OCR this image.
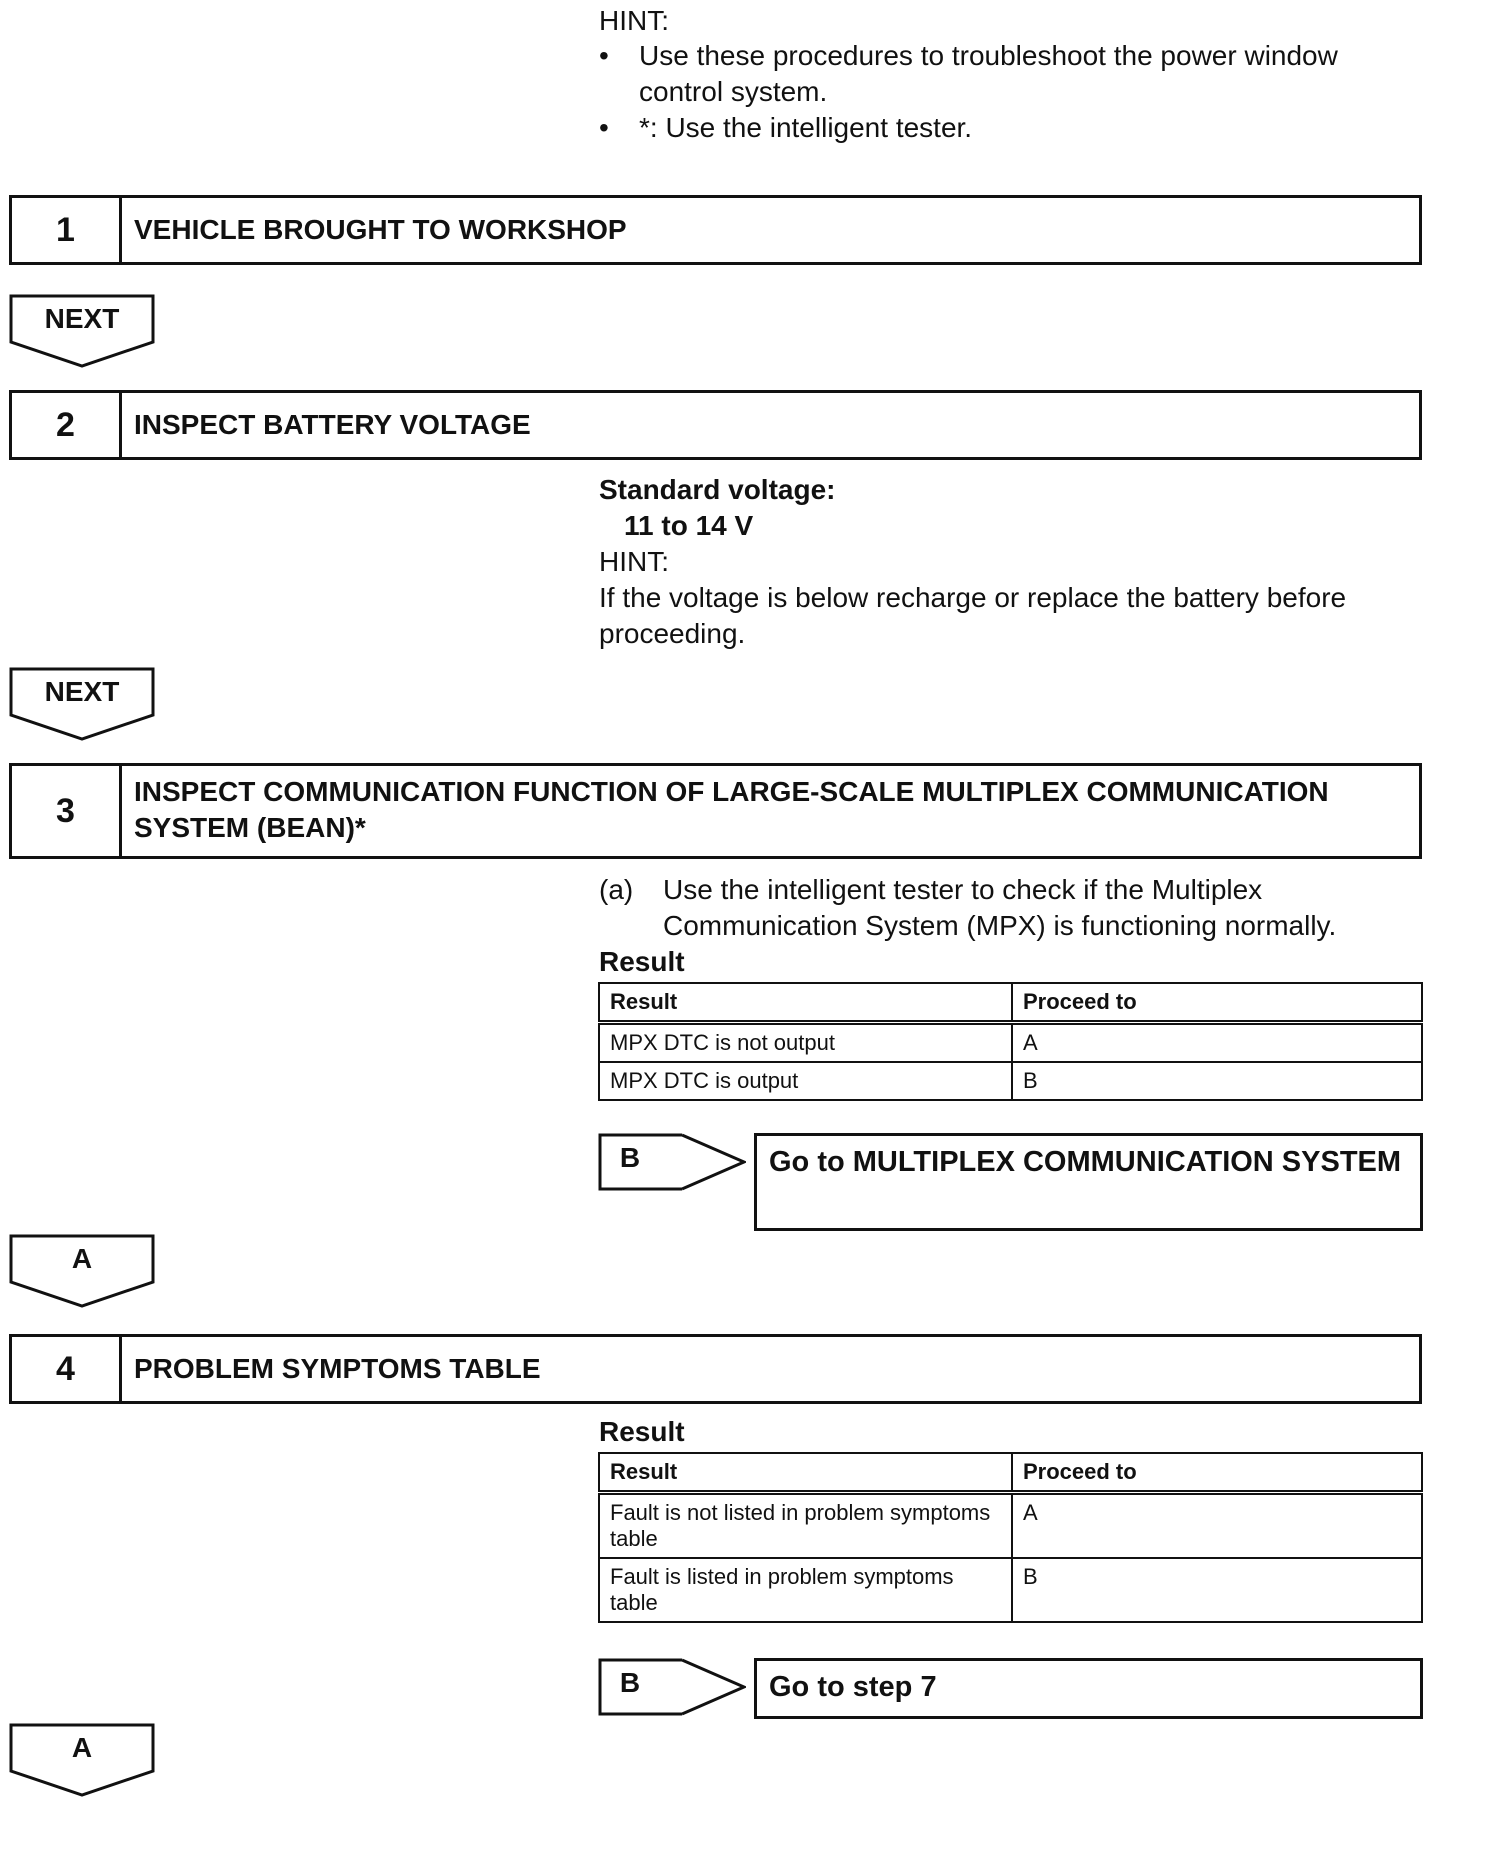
HINT:
• Use these procedures to troubleshoot the power window control system.
• *: Use the intelligent tester.
1	VEHICLE BROUGHT TO WORKSHOP
NEXT
2	INSPECT BATTERY VOLTAGE
Standard voltage:
11 to 14 V
HINT:
If the voltage is below recharge or replace the battery before proceeding.
NEXT
3	INSPECT COMMUNICATION FUNCTION OF LARGE-SCALE MULTIPLEX COMMUNICATION SYSTEM (BEAN)*
(a)	Use the intelligent tester to check if the Multiplex Communication System (MPX) is functioning normally.
Result
Result	Proceed to
MPX DTC is not output	A
MPX DTC is output	B
B	Go to MULTIPLEX COMMUNICATION SYSTEM
A
4	PROBLEM SYMPTOMS TABLE
Result
Result	Proceed to
Fault is not listed in problem symptoms table	A
Fault is listed in problem symptoms table	B
B	Go to step 7
A
